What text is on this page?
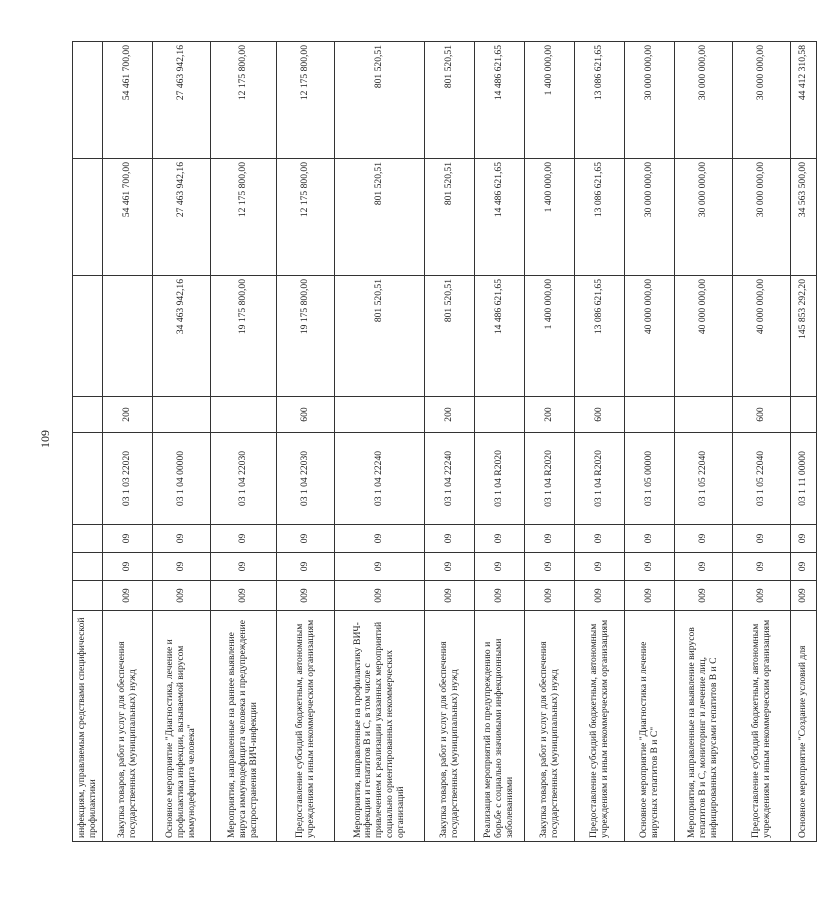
109
инфекциям, управляемым средствами специфической профилактики								
Закупка товаров, работ и услуг для обеспечения государственных (муниципальных) нужд	009	09	09	03 1 03 22020	200		54 461 700,00	54 461 700,00
Основное мероприятие "Диагностика, лечение и профилактика инфекции, вызываемой вирусом иммунодефицита человека"	009	09	09	03 1 04 00000		34 463 942,16	27 463 942,16	27 463 942,16
Мероприятия, направленные на раннее выявление вируса иммунодефицита человека и предупреждение распространения ВИЧ-инфекции	009	09	09	03 1 04 22030		19 175 800,00	12 175 800,00	12 175 800,00
Предоставление субсидий бюджетным, автономным учреждениям и иным некоммерческим организациям	009	09	09	03 1 04 22030	600	19 175 800,00	12 175 800,00	12 175 800,00
Мероприятия, направленные на профилактику ВИЧ-инфекции и гепатитов В и С, в том числе с привлечением к реализации указанных мероприятий социально ориентированных некоммерческих организаций	009	09	09	03 1 04 22240		801 520,51	801 520,51	801 520,51
Закупка товаров, работ и услуг для обеспечения государственных (муниципальных) нужд	009	09	09	03 1 04 22240	200	801 520,51	801 520,51	801 520,51
Реализация мероприятий по предупреждению и борьбе с социально значимыми инфекционными заболеваниями	009	09	09	03 1 04 R2020		14 486 621,65	14 486 621,65	14 486 621,65
Закупка товаров, работ и услуг для обеспечения государственных (муниципальных) нужд	009	09	09	03 1 04 R2020	200	1 400 000,00	1 400 000,00	1 400 000,00
Предоставление субсидий бюджетным, автономным учреждениям и иным некоммерческим организациям	009	09	09	03 1 04 R2020	600	13 086 621,65	13 086 621,65	13 086 621,65
Основное мероприятие "Диагностика и лечение вирусных гепатитов В и С"	009	09	09	03 1 05 00000		40 000 000,00	30 000 000,00	30 000 000,00
Мероприятия, направленные на выявление вирусов гепатитов В и С, мониторинг и лечение лиц, инфицированных вирусами гепатитов В и С	009	09	09	03 1 05 22040		40 000 000,00	30 000 000,00	30 000 000,00
Предоставление субсидий бюджетным, автономным учреждениям и иным некоммерческим организациям	009	09	09	03 1 05 22040	600	40 000 000,00	30 000 000,00	30 000 000,00
Основное мероприятие "Создание условий для	009	09	09	03 1 11 00000		145 853 292,20	34 563 500,00	44 412 310,58
